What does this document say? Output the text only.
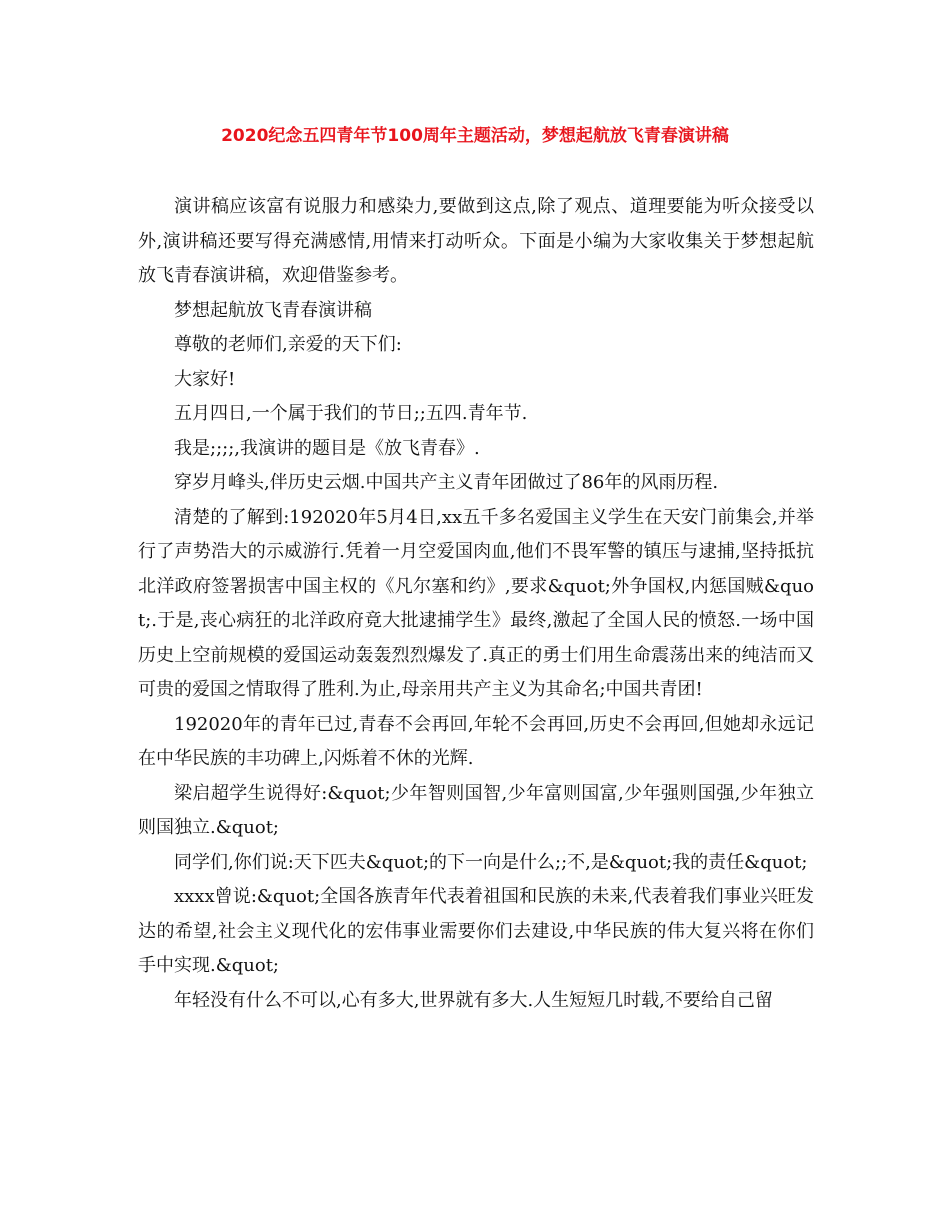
2020纪念五四青年节100周年主题活动，梦想起航放飞青春演讲稿

演讲稿应该富有说服力和感染力,要做到这点,除了观点、道理要能为听众接受以外,演讲稿还要写得充满感情,用情来打动听众。下面是小编为大家收集关于梦想起航放飞青春演讲稿，欢迎借鉴参考。

梦想起航放飞青春演讲稿

尊敬的老师们,亲爱的天下们:

大家好!

五月四日,一个属于我们的节日;;五四.青年节.

我是;;;;,我演讲的题目是《放飞青春》.

穿岁月峰头,伴历史云烟.中国共产主义青年团做过了86年的风雨历程.

清楚的了解到:192020年5月4日,xx五千多名爱国主义学生在天安门前集会,并举行了声势浩大的示威游行.凭着一月空爱国肉血,他们不畏军警的镇压与逮捕,坚持抵抗北洋政府签署损害中国主权的《凡尔塞和约》,要求&quot;外争国权,内惩国贼&quot;.于是,丧心病狂的北洋政府竟大批逮捕学生》最终,激起了全国人民的愤怒.一场中国历史上空前规模的爱国运动轰轰烈烈爆发了.真正的勇士们用生命震荡出来的纯洁而又可贵的爱国之情取得了胜利.为止,母亲用共产主义为其命名;中国共青团!

192020年的青年已过,青春不会再回,年轮不会再回,历史不会再回,但她却永远记在中华民族的丰功碑上,闪烁着不休的光辉.

梁启超学生说得好:&quot;少年智则国智,少年富则国富,少年强则国强,少年独立则国独立.&quot;

同学们,你们说:天下匹夫&quot;的下一向是什么;;不,是&quot;我的责任&quot;

xxxx曾说:&quot;全国各族青年代表着祖国和民族的未来,代表着我们事业兴旺发达的希望,社会主义现代化的宏伟事业需要你们去建设,中华民族的伟大复兴将在你们手中实现.&quot;

年轻没有什么不可以,心有多大,世界就有多大.人生短短几时载,不要给自己留
